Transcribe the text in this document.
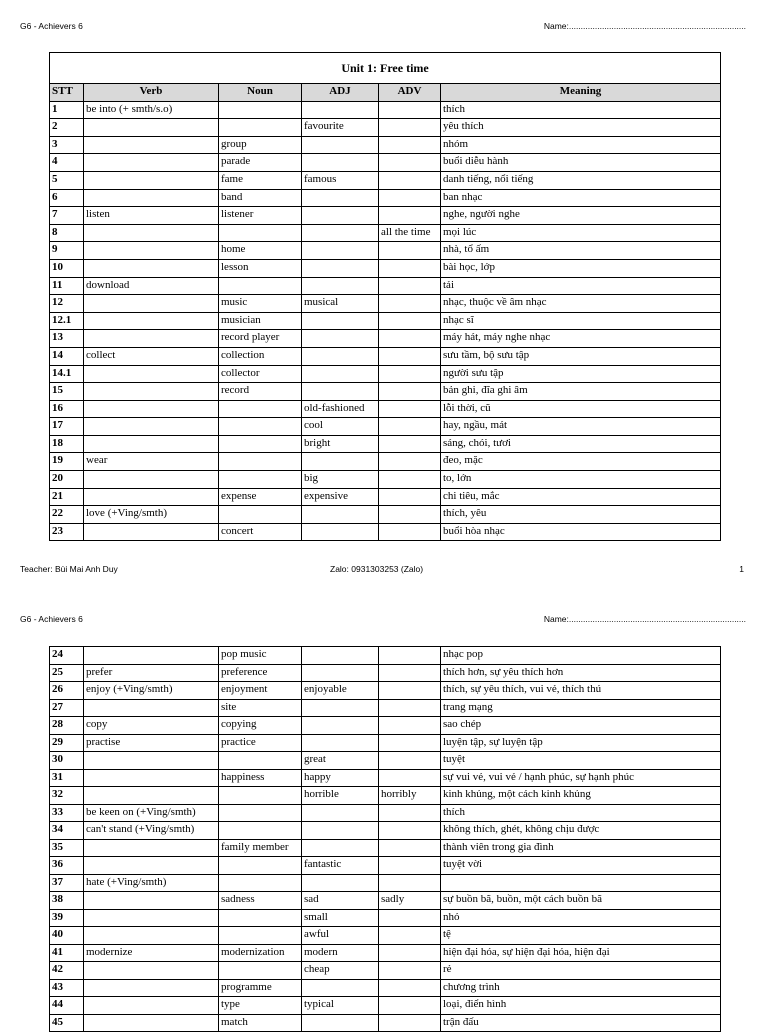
G6 - Achievers 6	Name:...........................................................................
Unit 1: Free time					
STT	Verb	Noun	ADJ	ADV	Meaning
1	be into (+ smth/s.o)				thích
2			favourite		yêu thích
3		group			nhóm
4		parade			buổi diễu hành
5		fame	famous		danh tiếng, nổi tiếng
6		band			ban nhạc
7	listen	listener			nghe, người nghe
8				all the time	mọi lúc
9		home			nhà, tổ ấm
10		lesson			bài học, lớp
11	download				tải
12		music	musical		nhạc, thuộc về âm nhạc
12.1		musician			nhạc sĩ
13		record player			máy hát, máy nghe nhạc
14	collect	collection			sưu tầm, bộ sưu tập
14.1		collector			người sưu tập
15		record			bản ghi, đĩa ghi âm
16			old-fashioned		lỗi thời, cũ
17			cool		hay, ngầu, mát
18			bright		sáng, chói, tươi
19	wear				đeo, mặc
20			big		to, lớn
21		expense	expensive		chi tiêu, mắc
22	love (+Ving/smth)				thích, yêu
23		concert			buổi hòa nhạc
Teacher: Bùi Mai Anh Duy	Zalo: 0931303253 (Zalo)	1
G6 - Achievers 6	Name:...........................................................................
24		pop music			nhạc pop
25	prefer	preference			thích hơn, sự yêu thích hơn
26	enjoy (+Ving/smth)	enjoyment	enjoyable		thích, sự yêu thích, vui vẻ, thích thú
27		site			trang mạng
28	copy	copying			sao chép
29	practise	practice			luyện tập, sự luyện tập
30			great		tuyệt
31		happiness	happy		sự vui vẻ, vui vẻ / hạnh phúc, sự hạnh phúc
32			horrible	horribly	kinh khủng, một cách kinh khủng
33	be keen on (+Ving/smth)				thích
34	can't stand (+Ving/smth)				không thích, ghét, không chịu được
35		family member			thành viên trong gia đình
36			fantastic		tuyệt vời
37	hate (+Ving/smth)				
38		sadness	sad	sadly	sự buồn bã, buồn, một cách buồn bã
39			small		nhỏ
40			awful		tệ
41	modernize	modernization	modern		hiện đại hóa, sự hiện đại hóa, hiện đại
42			cheap		rẻ
43		programme			chương trình
44		type	typical		loại, điển hình
45		match			trận đấu
